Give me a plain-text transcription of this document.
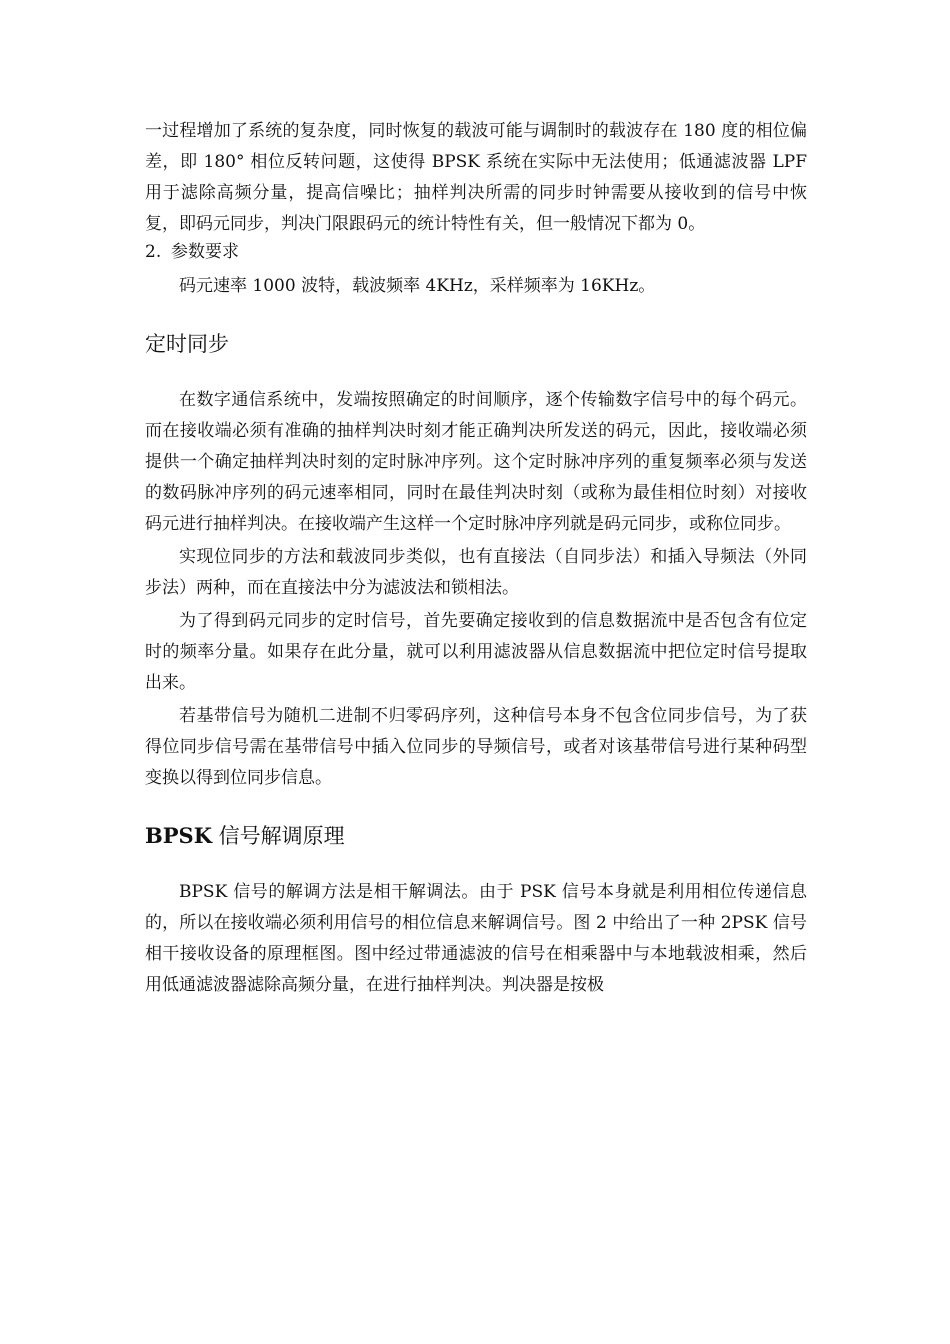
一过程增加了系统的复杂度，同时恢复的载波可能与调制时的载波存在 180 度的相位偏差，即 180° 相位反转问题，这使得 BPSK 系统在实际中无法使用；低通滤波器 LPF 用于滤除高频分量，提高信噪比；抽样判决所需的同步时钟需要从接收到的信号中恢复，即码元同步，判决门限跟码元的统计特性有关，但一般情况下都为 0。

2. 参数要求

码元速率 1000 波特，载波频率 4KHz，采样频率为 16KHz。

定时同步

在数字通信系统中，发端按照确定的时间顺序，逐个传输数字信号中的每个码元。而在接收端必须有准确的抽样判决时刻才能正确判决所发送的码元，因此，接收端必须提供一个确定抽样判决时刻的定时脉冲序列。这个定时脉冲序列的重复频率必须与发送的数码脉冲序列的码元速率相同，同时在最佳判决时刻（或称为最佳相位时刻）对接收码元进行抽样判决。在接收端产生这样一个定时脉冲序列就是码元同步，或称位同步。

实现位同步的方法和载波同步类似，也有直接法（自同步法）和插入导频法（外同步法）两种，而在直接法中分为滤波法和锁相法。

为了得到码元同步的定时信号，首先要确定接收到的信息数据流中是否包含有位定时的频率分量。如果存在此分量，就可以利用滤波器从信息数据流中把位定时信号提取出来。

若基带信号为随机二进制不归零码序列，这种信号本身不包含位同步信号，为了获得位同步信号需在基带信号中插入位同步的导频信号，或者对该基带信号进行某种码型变换以得到位同步信息。

BPSK 信号解调原理

BPSK 信号的解调方法是相干解调法。由于 PSK 信号本身就是利用相位传递信息的，所以在接收端必须利用信号的相位信息来解调信号。图 2 中给出了一种 2PSK 信号相干接收设备的原理框图。图中经过带通滤波的信号在相乘器中与本地载波相乘，然后用低通滤波器滤除高频分量，在进行抽样判决。判决器是按极
